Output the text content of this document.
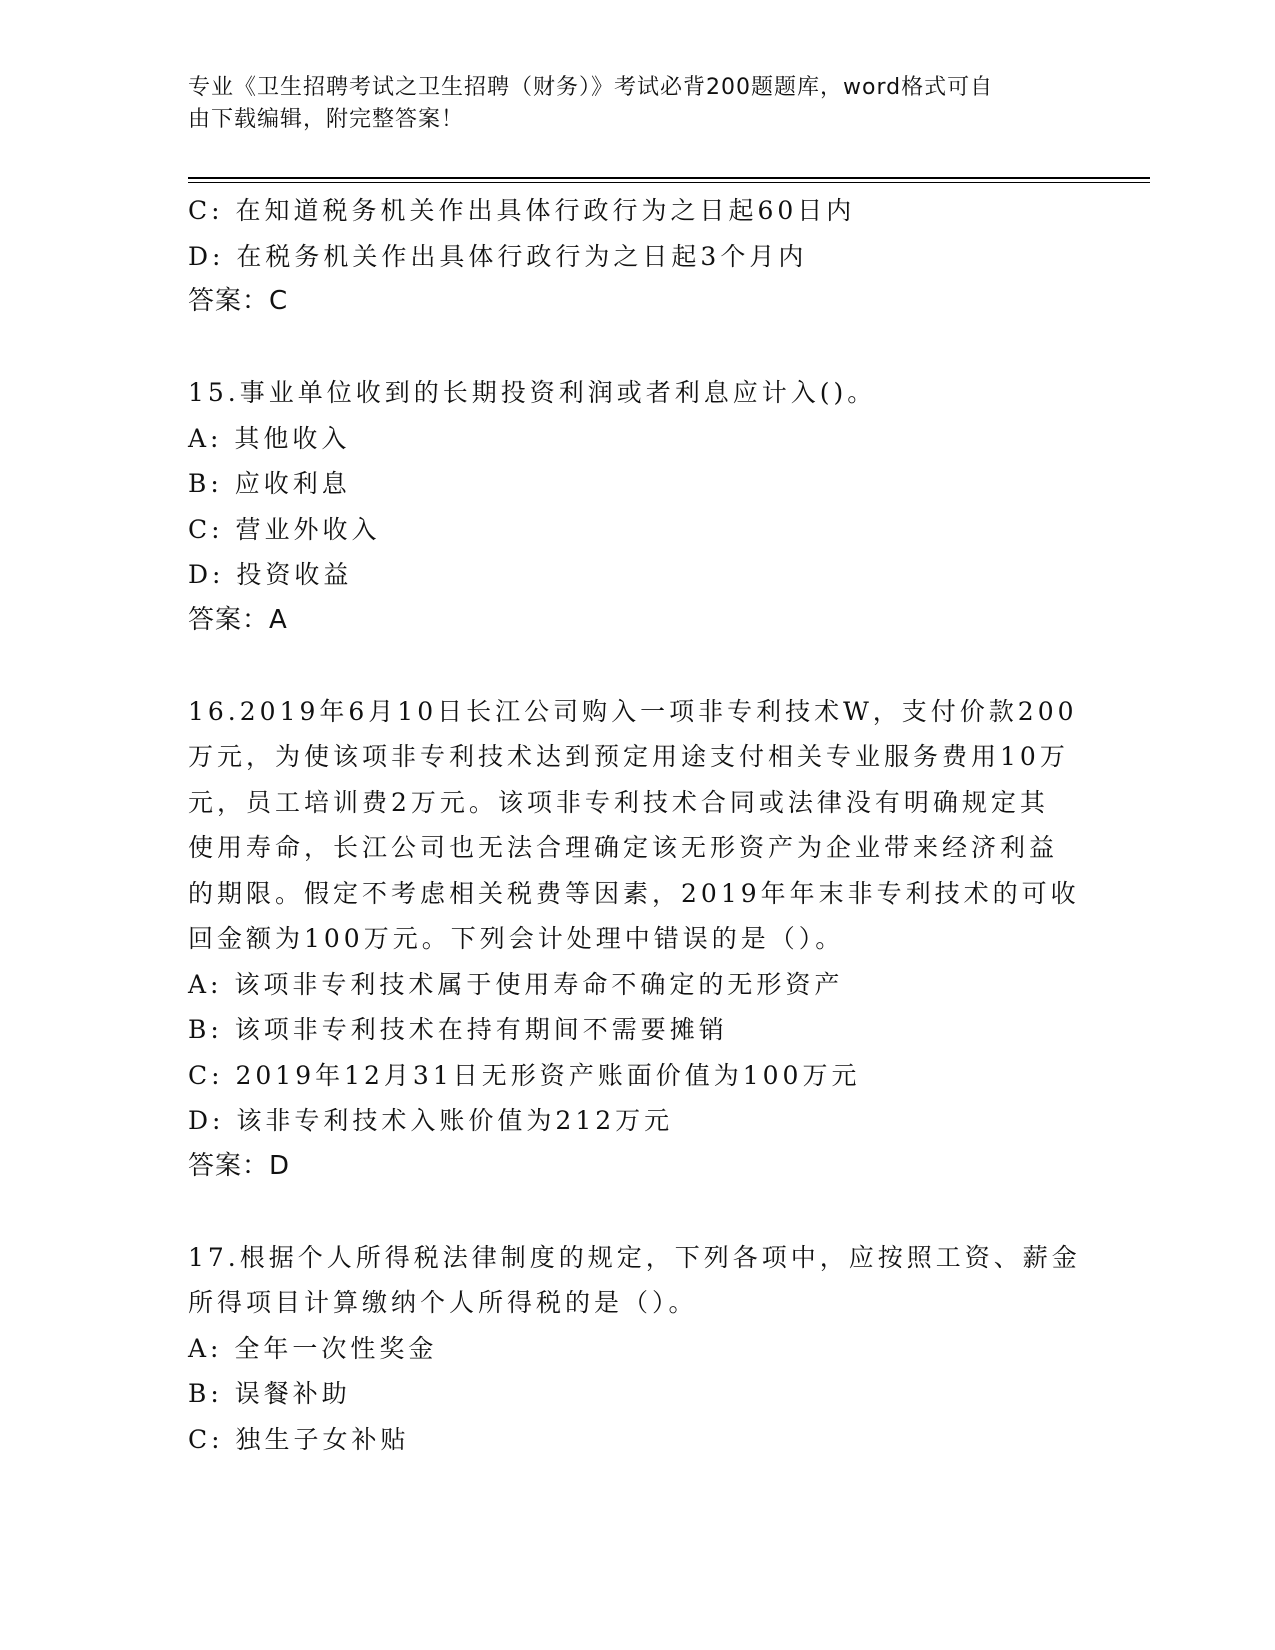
专业《卫生招聘考试之卫生招聘（财务）》考试必背200题题库，word格式可自
由下载编辑，附完整答案！
C: 在知道税务机关作出具体行政行为之日起60日内
D: 在税务机关作出具体行政行为之日起3个月内
答案：C
15.事业单位收到的长期投资利润或者利息应计入()。
A: 其他收入
B: 应收利息
C: 营业外收入
D: 投资收益
答案：A
16.2019年6月10日长江公司购入一项非专利技术W，支付价款200
万元，为使该项非专利技术达到预定用途支付相关专业服务费用10万
元，员工培训费2万元。该项非专利技术合同或法律没有明确规定其
使用寿命，长江公司也无法合理确定该无形资产为企业带来经济利益
的期限。假定不考虑相关税费等因素，2019年年末非专利技术的可收
回金额为100万元。下列会计处理中错误的是（）。
A: 该项非专利技术属于使用寿命不确定的无形资产
B: 该项非专利技术在持有期间不需要摊销
C: 2019年12月31日无形资产账面价值为100万元
D: 该非专利技术入账价值为212万元
答案：D
17.根据个人所得税法律制度的规定，下列各项中，应按照工资、薪金
所得项目计算缴纳个人所得税的是（）。
A: 全年一次性奖金
B: 误餐补助
C: 独生子女补贴
